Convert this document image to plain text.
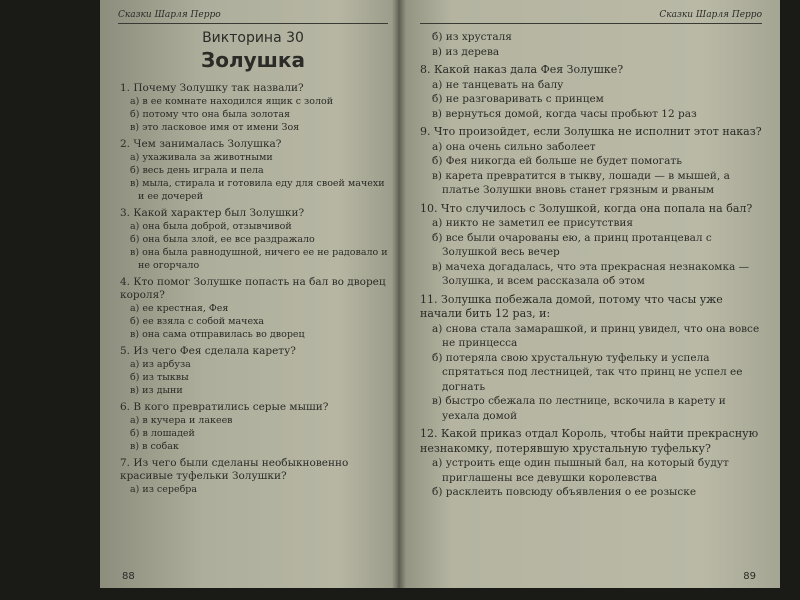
Сказки Шарля Перро
Викторина 30
Золушка
1. Почему Золушку так назвали?
а) в ее комнате находился ящик с золой
б) потому что она была золотая
в) это ласковое имя от имени Зоя
2. Чем занималась Золушка?
а) ухаживала за животными
б) весь день играла и пела
в) мыла, стирала и готовила еду для своей мачехи и ее дочерей
3. Какой характер был Золушки?
а) она была доброй, отзывчивой
б) она была злой, ее все раздражало
в) она была равнодушной, ничего ее не радовало и не огорчало
4. Кто помог Золушке попасть на бал во дворец короля?
а) ее крестная, Фея
б) ее взяла с собой мачеха
в) она сама отправилась во дворец
5. Из чего Фея сделала карету?
а) из арбуза
б) из тыквы
в) из дыни
6. В кого превратились серые мыши?
а) в кучера и лакеев
б) в лошадей
в) в собак
7. Из чего были сделаны необыкновенно красивые туфельки Золушки?
а) из серебра
88
Сказки Шарля Перро
б) из хрусталя
в) из дерева
8. Какой наказ дала Фея Золушке?
а) не танцевать на балу
б) не разговаривать с принцем
в) вернуться домой, когда часы пробьют 12 раз
9. Что произойдет, если Золушка не исполнит этот наказ?
а) она очень сильно заболеет
б) Фея никогда ей больше не будет помогать
в) карета превратится в тыкву, лошади — в мышей, а платье Золушки вновь станет грязным и рваным
10. Что случилось с Золушкой, когда она попала на бал?
а) никто не заметил ее присутствия
б) все были очарованы ею, а принц протанцевал с Золушкой весь вечер
в) мачеха догадалась, что эта прекрасная незнакомка — Золушка, и всем рассказала об этом
11. Золушка побежала домой, потому что часы уже начали бить 12 раз, и:
а) снова стала замарашкой, и принц увидел, что она вовсе не принцесса
б) потеряла свою хрустальную туфельку и успела спрятаться под лестницей, так что принц не успел ее догнать
в) быстро сбежала по лестнице, вскочила в карету и уехала домой
12. Какой приказ отдал Король, чтобы найти прекрасную незнакомку, потерявшую хрустальную туфельку?
а) устроить еще один пышный бал, на который будут приглашены все девушки королевства
б) расклеить повсюду объявления о ее розыске
89
